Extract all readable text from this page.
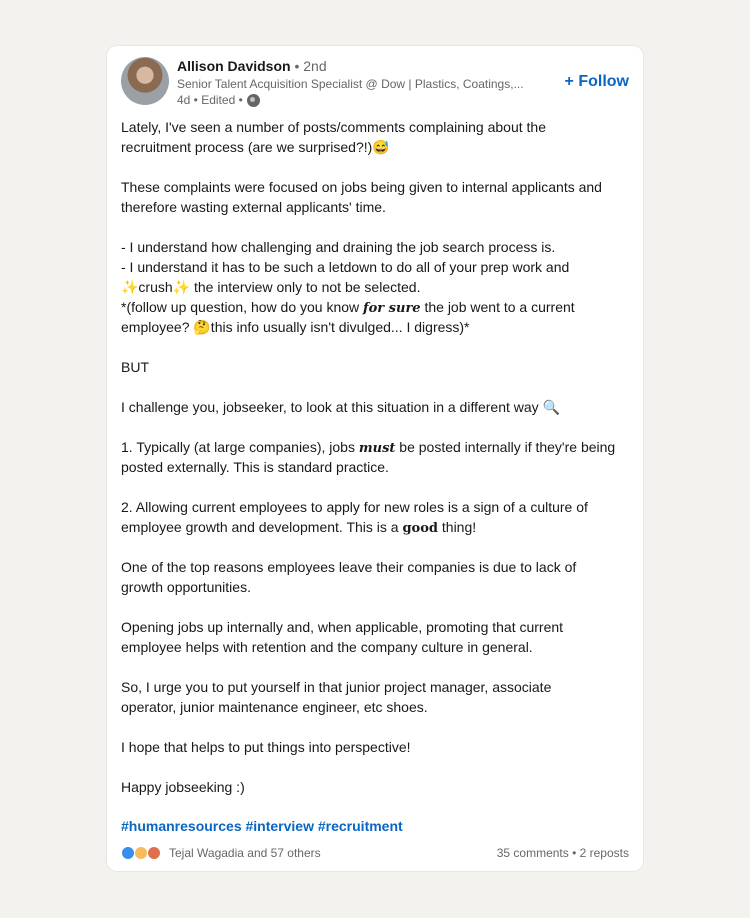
Allison Davidson • 2nd
Senior Talent Acquisition Specialist @ Dow | Plastics, Coatings,...
4d • Edited •
+ Follow
Lately, I've seen a number of posts/comments complaining about the
recruitment process (are we surprised?!)😅
These complaints were focused on jobs being given to internal applicants and
therefore wasting external applicants' time.
- I understand how challenging and draining the job search process is.
- I understand it has to be such a letdown to do all of your prep work and
✨crush✨ the interview only to not be selected.
*(follow up question, how do you know for sure the job went to a current
employee? 🤔this info usually isn't divulged... I digress)*
BUT
I challenge you, jobseeker, to look at this situation in a different way 🔍
1. Typically (at large companies), jobs must be posted internally if they're being
posted externally. This is standard practice.
2. Allowing current employees to apply for new roles is a sign of a culture of
employee growth and development. This is a good thing!
One of the top reasons employees leave their companies is due to lack of
growth opportunities.
Opening jobs up internally and, when applicable, promoting that current
employee helps with retention and the company culture in general.
So, I urge you to put yourself in that junior project manager, associate
operator, junior maintenance engineer, etc shoes.
I hope that helps to put things into perspective!
Happy jobseeking :)
#humanresources #interview #recruitment
Tejal Wagadia and 57 others	35 comments • 2 reposts
